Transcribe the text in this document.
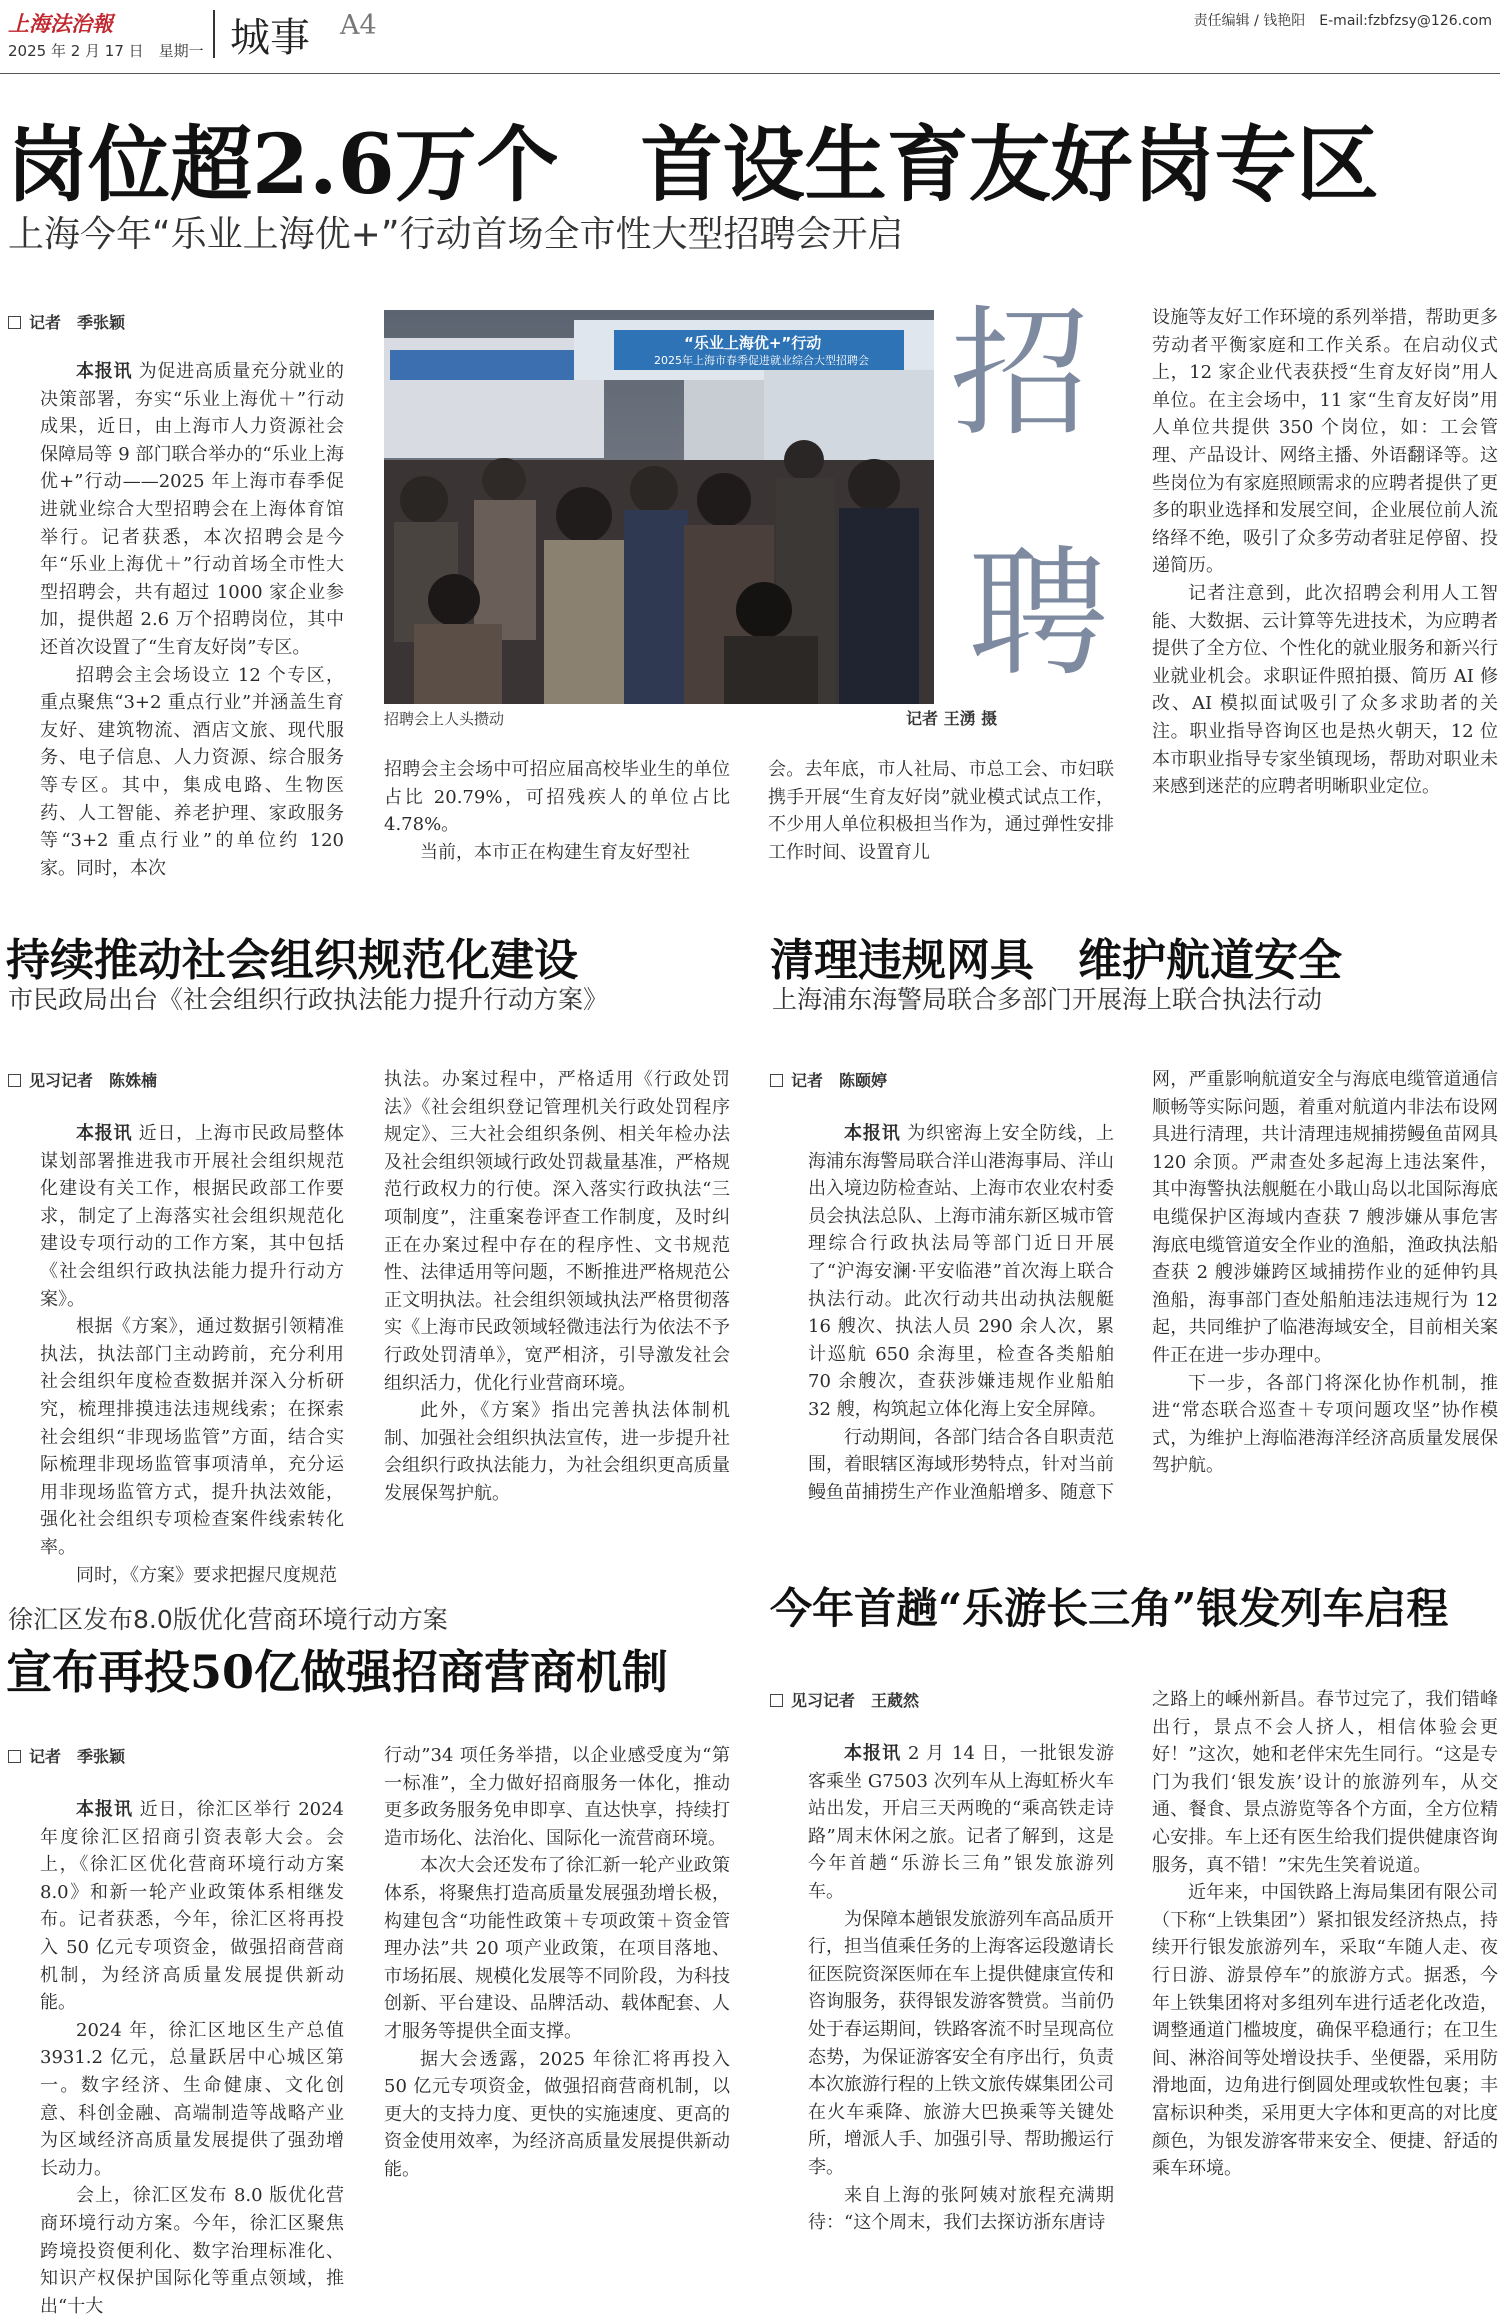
上海法治報
2025 年 2 月 17 日　星期一 城事 A4	责任编辑 / 钱艳阳　E-mail:fzbfzsy@126.com
岗位超2.6万个　首设生育友好岗专区
上海今年“乐业上海优+”行动首场全市性大型招聘会开启
记者　季张颖

本报讯 为促进高质量充分就业的决策部署，夯实“乐业上海优＋”行动成果，近日，由上海市人力资源社会保障局等 9 部门联合举办的“乐业上海优+”行动——2025 年上海市春季促进就业综合大型招聘会在上海体育馆举行。记者获悉，本次招聘会是今年“乐业上海优＋”行动首场全市性大型招聘会，共有超过 1000 家企业参加，提供超 2.6 万个招聘岗位，其中还首次设置了“生育友好岗”专区。

招聘会主会场设立 12 个专区，重点聚焦“3+2 重点行业”并涵盖生育友好、建筑物流、酒店文旅、现代服务、电子信息、人力资源、综合服务等专区。其中，集成电路、生物医药、人工智能、养老护理、家政服务等“3+2 重点行业”的单位约 120 家。同时，本次

“乐业上海优+”行动
2025年上海市春季促进就业综合大型招聘会 招
聘
招聘会上人头攒动	记者 王湧 摄

招聘会主会场中可招应届高校毕业生的单位占比 20.79%，可招残疾人的单位占比 4.78%。

当前，本市正在构建生育友好型社

会。去年底，市人社局、市总工会、市妇联携手开展“生育友好岗”就业模式试点工作，不少用人单位积极担当作为，通过弹性安排工作时间、设置育儿

设施等友好工作环境的系列举措，帮助更多劳动者平衡家庭和工作关系。在启动仪式上，12 家企业代表获授“生育友好岗”用人单位。在主会场中，11 家“生育友好岗”用人单位共提供 350 个岗位，如：工会管理、产品设计、网络主播、外语翻译等。这些岗位为有家庭照顾需求的应聘者提供了更多的职业选择和发展空间，企业展位前人流络绎不绝，吸引了众多劳动者驻足停留、投递简历。

记者注意到，此次招聘会利用人工智能、大数据、云计算等先进技术，为应聘者提供了全方位、个性化的就业服务和新兴行业就业机会。求职证件照拍摄、简历 AI 修改、AI 模拟面试吸引了众多求助者的关注。职业指导咨询区也是热火朝天，12 位本市职业指导专家坐镇现场，帮助对职业未来感到迷茫的应聘者明晰职业定位。

持续推动社会组织规范化建设
市民政局出台《社会组织行政执法能力提升行动方案》
见习记者　陈姝楠

本报讯 近日，上海市民政局整体谋划部署推进我市开展社会组织规范化建设有关工作，根据民政部工作要求，制定了上海落实社会组织规范化建设专项行动的工作方案，其中包括《社会组织行政执法能力提升行动方案》。

根据《方案》，通过数据引领精准执法，执法部门主动跨前，充分利用社会组织年度检查数据并深入分析研究，梳理排摸违法违规线索；在探索社会组织“非现场监管”方面，结合实际梳理非现场监管事项清单，充分运用非现场监管方式，提升执法效能，强化社会组织专项检查案件线索转化率。

同时，《方案》要求把握尺度规范

执法。办案过程中，严格适用《行政处罚法》《社会组织登记管理机关行政处罚程序规定》、三大社会组织条例、相关年检办法及社会组织领域行政处罚裁量基准，严格规范行政权力的行使。深入落实行政执法“三项制度”，注重案卷评查工作制度，及时纠正在办案过程中存在的程序性、文书规范性、法律适用等问题，不断推进严格规范公正文明执法。社会组织领域执法严格贯彻落实《上海市民政领域轻微违法行为依法不予行政处罚清单》，宽严相济，引导激发社会组织活力，优化行业营商环境。

此外，《方案》指出完善执法体制机制、加强社会组织执法宣传，进一步提升社会组织行政执法能力，为社会组织更高质量发展保驾护航。

清理违规网具　维护航道安全
上海浦东海警局联合多部门开展海上联合执法行动
记者　陈颐婷

本报讯 为织密海上安全防线，上海浦东海警局联合洋山港海事局、洋山出入境边防检查站、上海市农业农村委员会执法总队、上海市浦东新区城市管理综合行政执法局等部门近日开展了“沪海安澜·平安临港”首次海上联合执法行动。此次行动共出动执法舰艇 16 艘次、执法人员 290 余人次，累计巡航 650 余海里，检查各类船舶 70 余艘次，查获涉嫌违规作业船舶 32 艘，构筑起立体化海上安全屏障。

行动期间，各部门结合各自职责范围，着眼辖区海域形势特点，针对当前鳗鱼苗捕捞生产作业渔船增多、随意下

网，严重影响航道安全与海底电缆管道通信顺畅等实际问题，着重对航道内非法布设网具进行清理，共计清理违规捕捞鳗鱼苗网具 120 余顶。严肃查处多起海上违法案件，其中海警执法舰艇在小戢山岛以北国际海底电缆保护区海域内查获 7 艘涉嫌从事危害海底电缆管道安全作业的渔船，渔政执法船查获 2 艘涉嫌跨区域捕捞作业的延伸钓具渔船，海事部门查处船舶违法违规行为 12 起，共同维护了临港海域安全，目前相关案件正在进一步办理中。

下一步，各部门将深化协作机制，推进“常态联合巡查＋专项问题攻坚”协作模式，为维护上海临港海洋经济高质量发展保驾护航。

徐汇区发布8.0版优化营商环境行动方案
宣布再投50亿做强招商营商机制
记者　季张颖

本报讯 近日，徐汇区举行 2024 年度徐汇区招商引资表彰大会。会上，《徐汇区优化营商环境行动方案 8.0》和新一轮产业政策体系相继发布。记者获悉，今年，徐汇区将再投入 50 亿元专项资金，做强招商营商机制，为经济高质量发展提供新动能。

2024 年，徐汇区地区生产总值 3931.2 亿元，总量跃居中心城区第一。数字经济、生命健康、文化创意、科创金融、高端制造等战略产业为区域经济高质量发展提供了强劲增长动力。

会上，徐汇区发布 8.0 版优化营商环境行动方案。今年，徐汇区聚焦跨境投资便利化、数字治理标准化、知识产权保护国际化等重点领域，推出“十大

行动”34 项任务举措，以企业感受度为“第一标准”，全力做好招商服务一体化，推动更多政务服务免申即享、直达快享，持续打造市场化、法治化、国际化一流营商环境。

本次大会还发布了徐汇新一轮产业政策体系，将聚焦打造高质量发展强劲增长极，构建包含“功能性政策＋专项政策＋资金管理办法”共 20 项产业政策，在项目落地、市场拓展、规模化发展等不同阶段，为科技创新、平台建设、品牌活动、载体配套、人才服务等提供全面支撑。

据大会透露，2025 年徐汇将再投入 50 亿元专项资金，做强招商营商机制，以更大的支持力度、更快的实施速度、更高的资金使用效率，为经济高质量发展提供新动能。

今年首趟“乐游长三角”银发列车启程
见习记者　王葳然

本报讯 2 月 14 日，一批银发游客乘坐 G7503 次列车从上海虹桥火车站出发，开启三天两晚的“乘高铁走诗路”周末休闲之旅。记者了解到，这是今年首趟“乐游长三角”银发旅游列车。

为保障本趟银发旅游列车高品质开行，担当值乘任务的上海客运段邀请长征医院资深医师在车上提供健康宣传和咨询服务，获得银发游客赞赏。当前仍处于春运期间，铁路客流不时呈现高位态势，为保证游客安全有序出行，负责本次旅游行程的上铁文旅传媒集团公司在火车乘降、旅游大巴换乘等关键处所，增派人手、加强引导、帮助搬运行李。

来自上海的张阿姨对旅程充满期待：“这个周末，我们去探访浙东唐诗

之路上的嵊州新昌。春节过完了，我们错峰出行，景点不会人挤人，相信体验会更好！”这次，她和老伴宋先生同行。“这是专门为我们‘银发族’设计的旅游列车，从交通、餐食、景点游览等各个方面，全方位精心安排。车上还有医生给我们提供健康咨询服务，真不错！”宋先生笑着说道。

近年来，中国铁路上海局集团有限公司（下称“上铁集团”）紧扣银发经济热点，持续开行银发旅游列车，采取“车随人走、夜行日游、游景停车”的旅游方式。据悉，今年上铁集团将对多组列车进行适老化改造，调整通道门槛坡度，确保平稳通行；在卫生间、淋浴间等处增设扶手、坐便器，采用防滑地面，边角进行倒圆处理或软性包裹；丰富标识种类，采用更大字体和更高的对比度颜色，为银发游客带来安全、便捷、舒适的乘车环境。
